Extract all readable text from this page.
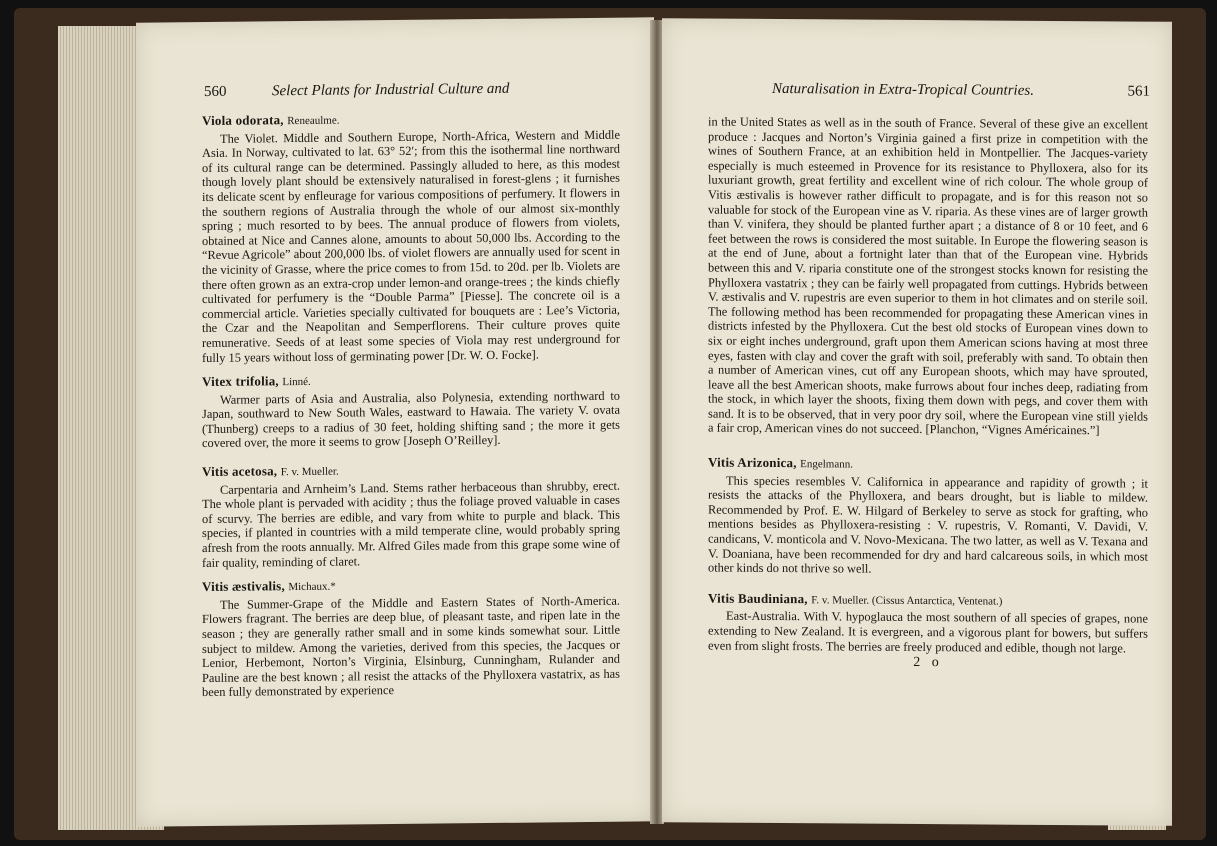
560	Select Plants for Industrial Culture and

Viola odorata, Reneaulme.

The Violet. Middle and Southern Europe, North-Africa, Western and Middle Asia. In Norway, cultivated to lat. 63° 52′; from this the isothermal line northward of its cultural range can be determined. Passingly alluded to here, as this modest though lovely plant should be extensively naturalised in forest-glens ; it furnishes its delicate scent by enfleurage for various compositions of perfumery. It flowers in the southern regions of Australia through the whole of our almost six-monthly spring ; much resorted to by bees. The annual produce of flowers from violets, obtained at Nice and Cannes alone, amounts to about 50,000 lbs. According to the “Revue Agricole” about 200,000 lbs. of violet flowers are annually used for scent in the vicinity of Grasse, where the price comes to from 15d. to 20d. per lb. Violets are there often grown as an extra-crop under lemon-and orange-trees ; the kinds chiefly cultivated for perfumery is the “Double Parma” [Piesse]. The concrete oil is a commercial article. Varieties specially cultivated for bouquets are : Lee’s Victoria, the Czar and the Neapolitan and Semperflorens. Their culture proves quite remunerative. Seeds of at least some species of Viola may rest underground for fully 15 years without loss of germinating power [Dr. W. O. Focke].

Vitex trifolia, Linné.

Warmer parts of Asia and Australia, also Polynesia, extending northward to Japan, southward to New South Wales, eastward to Hawaia. The variety V. ovata (Thunberg) creeps to a radius of 30 feet, holding shifting sand ; the more it gets covered over, the more it seems to grow [Joseph O’Reilley].

Vitis acetosa, F. v. Mueller.

Carpentaria and Arnheim’s Land. Stems rather herbaceous than shrubby, erect. The whole plant is pervaded with acidity ; thus the foliage proved valuable in cases of scurvy. The berries are edible, and vary from white to purple and black. This species, if planted in countries with a mild temperate cline, would probably spring afresh from the roots annually. Mr. Alfred Giles made from this grape some wine of fair quality, reminding of claret.

Vitis æstivalis, Michaux.*

The Summer-Grape of the Middle and Eastern States of North-America. Flowers fragrant. The berries are deep blue, of pleasant taste, and ripen late in the season ; they are generally rather small and in some kinds somewhat sour. Little subject to mildew. Among the varieties, derived from this species, the Jacques or Lenior, Herbemont, Norton’s Virginia, Elsinburg, Cunningham, Rulander and Pauline are the best known ; all resist the attacks of the Phylloxera vastatrix, as has been fully demonstrated by experience

Naturalisation in Extra-Tropical Countries.	561

in the United States as well as in the south of France. Several of these give an excellent produce : Jacques and Norton’s Virginia gained a first prize in competition with the wines of Southern France, at an exhibition held in Montpellier. The Jacques-variety especially is much esteemed in Provence for its resistance to Phylloxera, also for its luxuriant growth, great fertility and excellent wine of rich colour. The whole group of Vitis æstivalis is however rather difficult to propagate, and is for this reason not so valuable for stock of the European vine as V. riparia. As these vines are of larger growth than V. vinifera, they should be planted further apart ; a distance of 8 or 10 feet, and 6 feet between the rows is considered the most suitable. In Europe the flowering season is at the end of June, about a fortnight later than that of the European vine. Hybrids between this and V. riparia constitute one of the strongest stocks known for resisting the Phylloxera vastatrix ; they can be fairly well propagated from cuttings. Hybrids between V. æstivalis and V. rupestris are even superior to them in hot climates and on sterile soil. The following method has been recommended for propagating these American vines in districts infested by the Phylloxera. Cut the best old stocks of European vines down to six or eight inches underground, graft upon them American scions having at most three eyes, fasten with clay and cover the graft with soil, preferably with sand. To obtain then a number of American vines, cut off any European shoots, which may have sprouted, leave all the best American shoots, make furrows about four inches deep, radiating from the stock, in which layer the shoots, fixing them down with pegs, and cover them with sand. It is to be observed, that in very poor dry soil, where the European vine still yields a fair crop, American vines do not succeed. [Planchon, “Vignes Américaines.”]

Vitis Arizonica, Engelmann.

This species resembles V. Californica in appearance and rapidity of growth ; it resists the attacks of the Phylloxera, and bears drought, but is liable to mildew. Recommended by Prof. E. W. Hilgard of Berkeley to serve as stock for grafting, who mentions besides as Phylloxera-resisting : V. rupestris, V. Romanti, V. Davidi, V. candicans, V. monticola and V. Novo-Mexicana. The two latter, as well as V. Texana and V. Doaniana, have been recommended for dry and hard calcareous soils, in which most other kinds do not thrive so well.

Vitis Baudiniana, F. v. Mueller. (Cissus Antarctica, Ventenat.)

East-Australia. With V. hypoglauca the most southern of all species of grapes, none extending to New Zealand. It is evergreen, and a vigorous plant for bowers, but suffers even from slight frosts. The berries are freely produced and edible, though not large.

2 o
